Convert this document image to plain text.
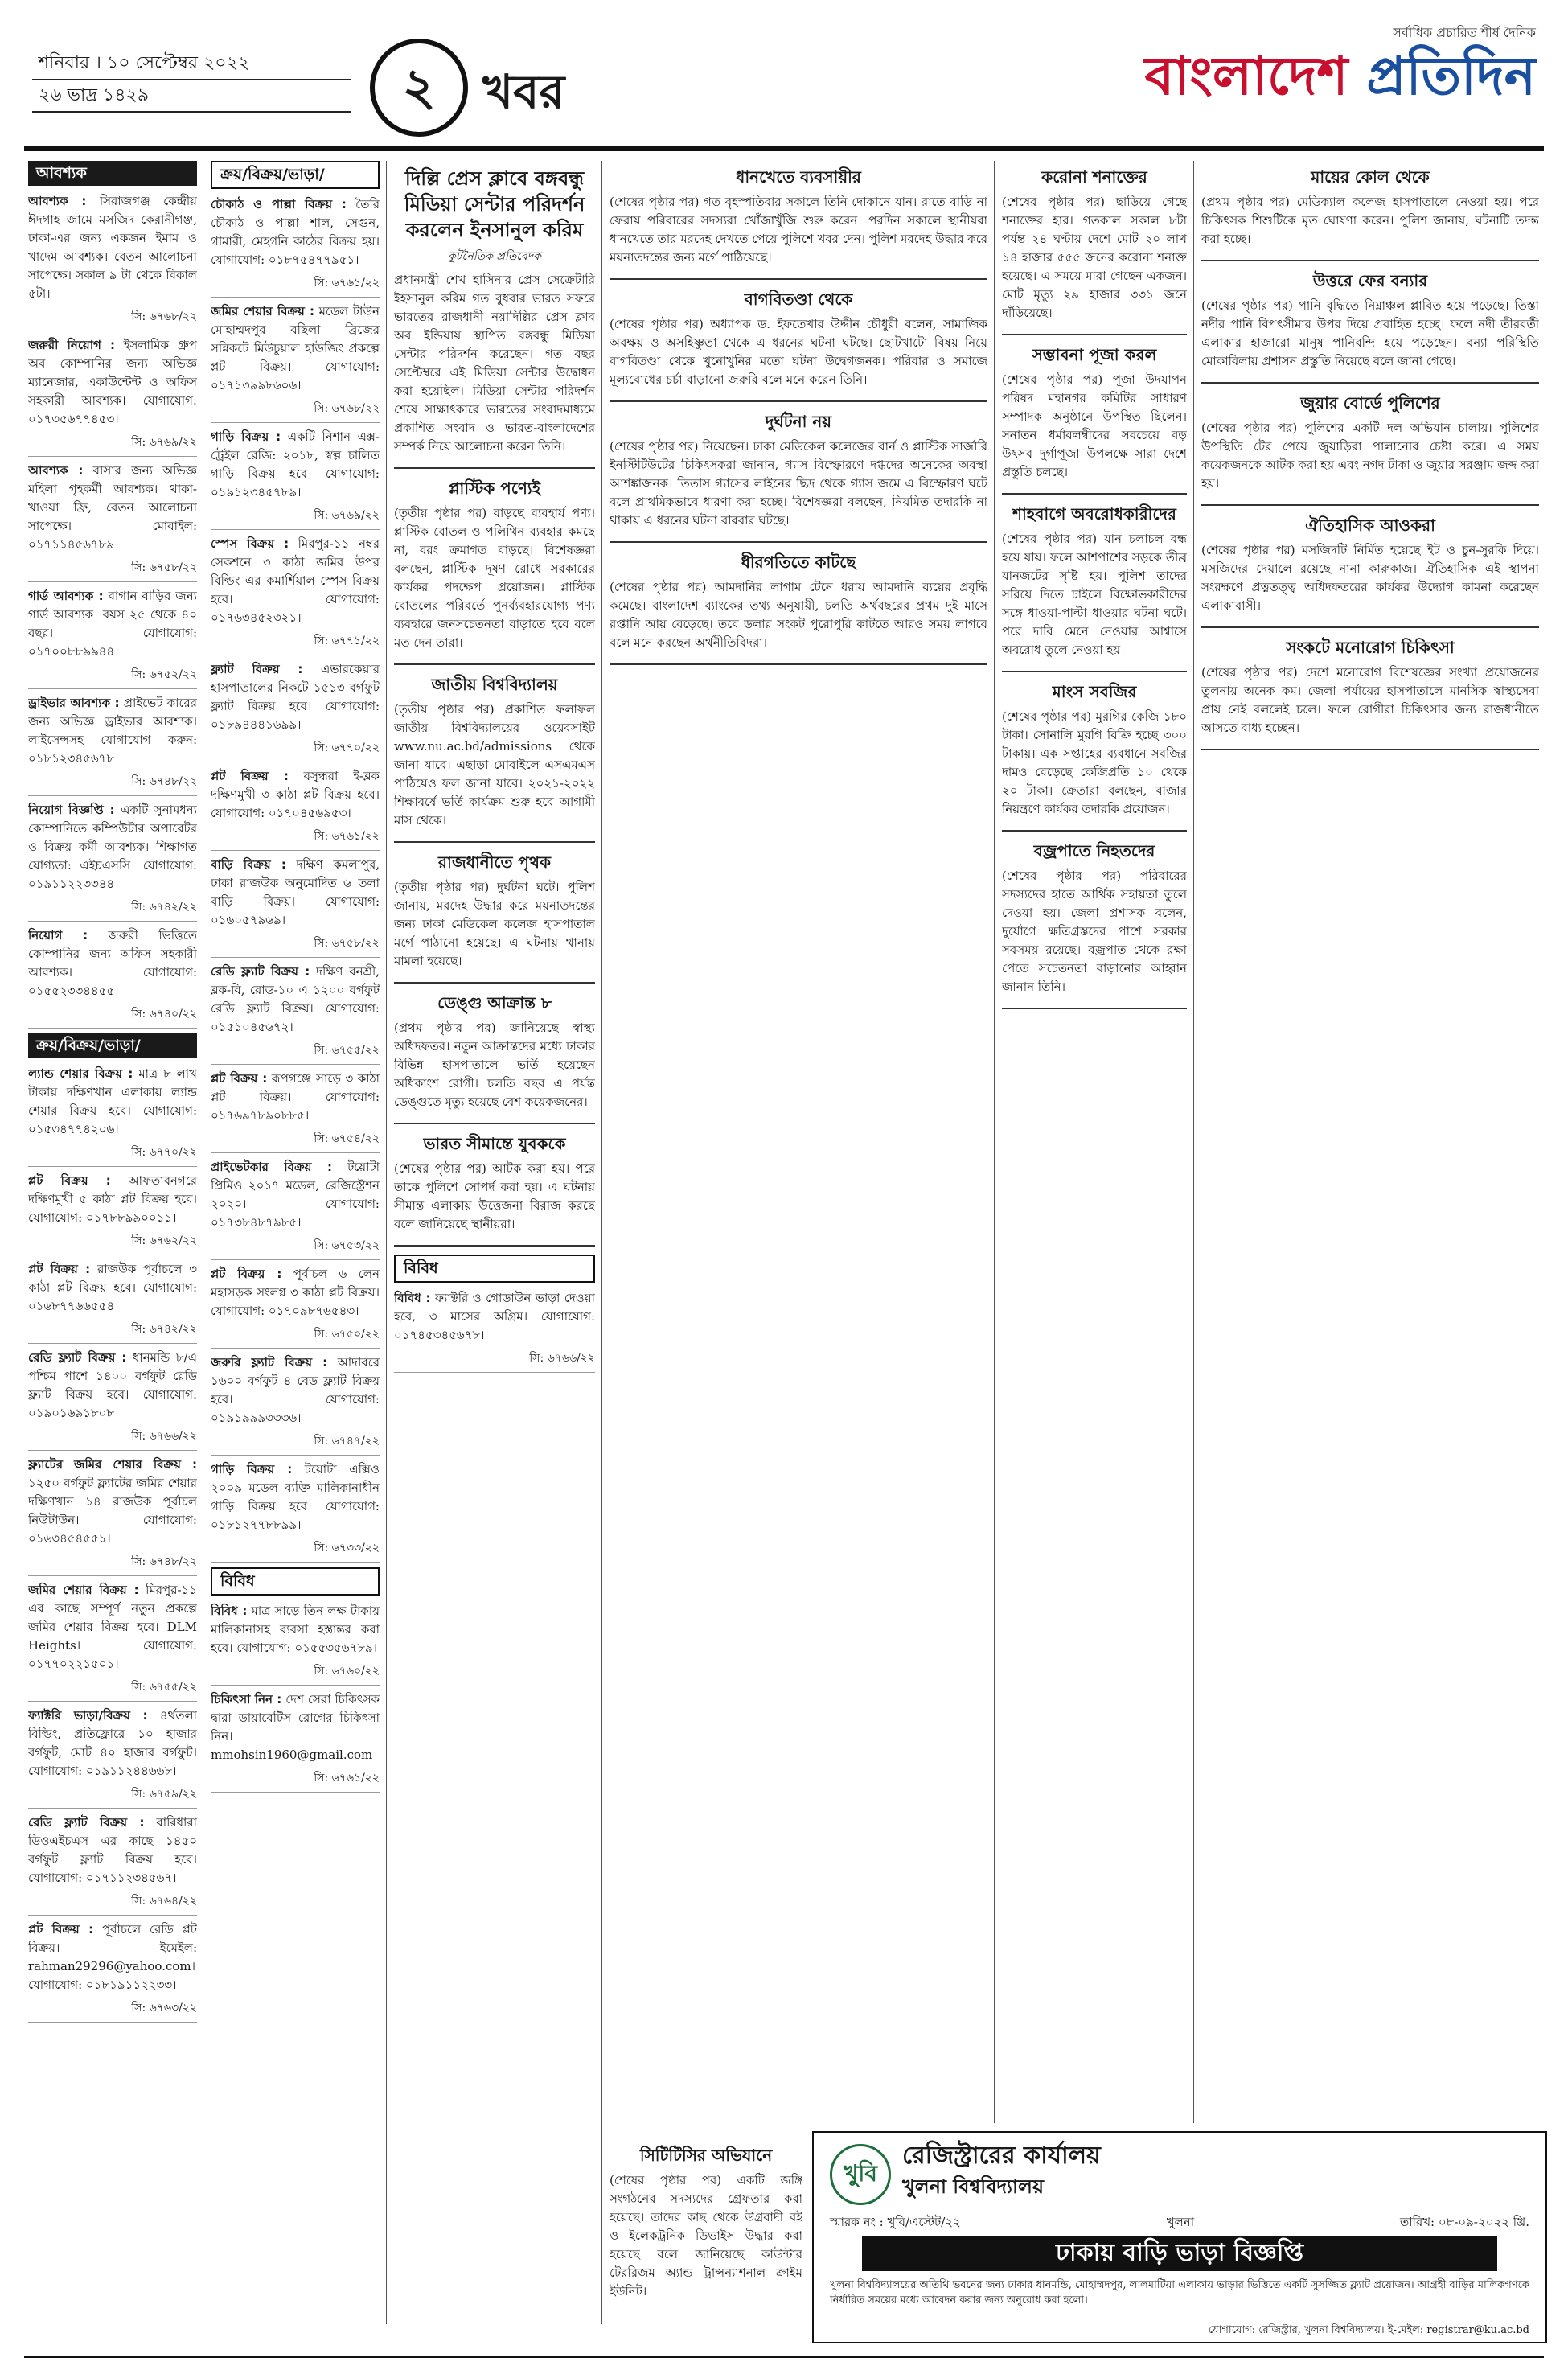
শনিবার । ১০ সেপ্টেম্বর ২০২২
২৬ ভাদ্র ১৪২৯	২	খবর
সর্বাধিক প্রচারিত শীর্ষ দৈনিক
বাংলাদেশ প্রতিদিন
আবশ্যক

আবশ্যক : সিরাজগঞ্জ কেন্দ্রীয় ঈদগাহ জামে মসজিদ কেরানীগঞ্জ, ঢাকা-এর জন্য একজন ইমাম ও খাদেম আবশ্যক। বেতন আলোচনা সাপেক্ষে। সকাল ৯ টা থেকে বিকাল ৫টা।

সি: ৬৭৬৮/২২

জরুরী নিয়োগ : ইসলামিক গ্রুপ অব কোম্পানির জন্য অভিজ্ঞ ম্যানেজার, একাউন্টেন্ট ও অফিস সহকারী আবশ্যক। যোগাযোগ: ০১৭৩৫৬৭৭৪৫৩।

সি: ৬৭৬৯/২২

আবশ্যক : বাসার জন্য অভিজ্ঞ মহিলা গৃহকর্মী আবশ্যক। থাকা-খাওয়া ফ্রি, বেতন আলোচনা সাপেক্ষে। মোবাইল: ০১৭১১৪৫৬৭৮৯।

সি: ৬৭৫৮/২২

গার্ড আবশ্যক : বাগান বাড়ির জন্য গার্ড আবশ্যক। বয়স ২৫ থেকে ৪০ বছর। যোগাযোগ: ০১৭০০৮৮৯৯৪৪।

সি: ৬৭৫২/২২

ড্রাইভার আবশ্যক : প্রাইভেট কারের জন্য অভিজ্ঞ ড্রাইভার আবশ্যক। লাইসেন্সসহ যোগাযোগ করুন: ০১৮১২৩৪৫৬৭৮।

সি: ৬৭৪৮/২২

নিয়োগ বিজ্ঞপ্তি : একটি সুনামধন্য কোম্পানিতে কম্পিউটার অপারেটর ও বিক্রয় কর্মী আবশ্যক। শিক্ষাগত যোগ্যতা: এইচএসসি। যোগাযোগ: ০১৯১১২২৩৩৪৪।

সি: ৬৭৪২/২২

নিয়োগ : জরুরী ভিত্তিতে কোম্পানির জন্য অফিস সহকারী আবশ্যক। যোগাযোগ: ০১৫৫২৩৩৪৪৫৫।

সি: ৬৭৪০/২২
ক্রয়/বিক্রয়/ভাড়া/

ল্যান্ড শেয়ার বিক্রয় : মাত্র ৮ লাখ টাকায় দক্ষিণখান এলাকায় ল্যান্ড শেয়ার বিক্রয় হবে। যোগাযোগ: ০১৫৩৪৭৭৪২০৬।

সি: ৬৭৭০/২২

প্লট বিক্রয় : আফতাবনগরে দক্ষিণমুখী ৫ কাঠা প্লট বিক্রয় হবে। যোগাযোগ: ০১৭৮৮৯৯০০১১।

সি: ৬৭৬২/২২

প্লট বিক্রয় : রাজউক পূর্বাচলে ৩ কাঠা প্লট বিক্রয় হবে। যোগাযোগ: ০১৬৮৭৭৬৬৫৫৪।

সি: ৬৭৪২/২২

রেডি ফ্ল্যাট বিক্রয় : ধানমন্ডি ৮/এ পশ্চিম পাশে ১৪০০ বর্গফুট রেডি ফ্ল্যাট বিক্রয় হবে। যোগাযোগ: ০১৯০১৬৯১৮০৮।

সি: ৬৭৬৬/২২

ফ্ল্যাটের জমির শেয়ার বিক্রয় : ১২৫০ বর্গফুট ফ্ল্যাটের জমির শেয়ার দক্ষিণখান ১৪ রাজউক পূর্বাচল নিউটাউন। যোগাযোগ: ০১৬৩৪৫৪৫৫১।

সি: ৬৭৪৮/২২

জমির শেয়ার বিক্রয় : মিরপুর-১১ এর কাছে সম্পূর্ণ নতুন প্রকল্পে জমির শেয়ার বিক্রয় হবে। DLM Heights। যোগাযোগ: ০১৭৭০২২১৫০১।

সি: ৬৭৫৫/২২

ফ্যাক্টরি ভাড়া/বিক্রয় : ৪র্থতলা বিল্ডিং, প্রতিফ্লোরে ১০ হাজার বর্গফুট, মোট ৪০ হাজার বর্গফুট। যোগাযোগ: ০১৯১১২৪৪৬৬৮।

সি: ৬৭৫৯/২২

রেডি ফ্ল্যাট বিক্রয় : বারিধারা ডিওএইচএস এর কাছে ১৪৫০ বর্গফুট ফ্ল্যাট বিক্রয় হবে। যোগাযোগ: ০১৭১১২৩৪৫৬৭।

সি: ৬৭৬৪/২২

প্লট বিক্রয় : পূর্বাচলে রেডি প্লট বিক্রয়। ইমেইল: rahman29296@yahoo.com। যোগাযোগ: ০১৮১৯১১২২৩৩।

সি: ৬৭৬৩/২২
ক্রয়/বিক্রয়/ভাড়া/

চৌকাঠ ও পাল্লা বিক্রয় : তৈরি চৌকাঠ ও পাল্লা শাল, সেগুন, গামারী, মেহগনি কাঠের বিক্রয় হয়। যোগাযোগ: ০১৮৭৫৪৭৭৯৫১।

সি: ৬৭৬১/২২

জমির শেয়ার বিক্রয় : মডেল টাউন মোহাম্মদপুর বছিলা ব্রিজের সন্নিকটে মিউচুয়াল হাউজিং প্রকল্পে প্লট বিক্রয়। যোগাযোগ: ০১৭১৩৯৯৮৬০৬।

সি: ৬৭৬৮/২২

গাড়ি বিক্রয় : একটি নিশান এক্স-ট্রেইল রেজি: ২০১৮, স্বল্প চালিত গাড়ি বিক্রয় হবে। যোগাযোগ: ০১৯১২৩৪৫৭৮৯।

সি: ৬৭৬৯/২২

স্পেস বিক্রয় : মিরপুর-১১ নম্বর সেকশনে ৩ কাঠা জমির উপর বিল্ডিং এর কমার্শিয়াল স্পেস বিক্রয় হবে। যোগাযোগ: ০১৭৬৩৪৫২৩২১।

সি: ৬৭৭১/২২

ফ্ল্যাট বিক্রয় : এভারকেয়ার হাসপাতালের নিকটে ১৫১৩ বর্গফুট ফ্ল্যাট বিক্রয় হবে। যোগাযোগ: ০১৮৯৪৪৪১৬৯৯।

সি: ৬৭৭০/২২

প্লট বিক্রয় : বসুন্ধরা ই-ব্লক দক্ষিণমুখী ৩ কাঠা প্লট বিক্রয় হবে। যোগাযোগ: ০১৭০৪৫৬৯৫৩।

সি: ৬৭৬১/২২

বাড়ি বিক্রয় : দক্ষিণ কমলাপুর, ঢাকা রাজউক অনুমোদিত ৬ তলা বাড়ি বিক্রয়। যোগাযোগ: ০১৬০৫৭৯৬৯।

সি: ৬৭৫৮/২২

রেডি ফ্ল্যাট বিক্রয় : দক্ষিণ বনশ্রী, ব্লক-বি, রোড-১০ এ ১২০০ বর্গফুট রেডি ফ্ল্যাট বিক্রয়। যোগাযোগ: ০১৫১০৪৫৬৭২।

সি: ৬৭৫৫/২২

প্লট বিক্রয় : রূপগঞ্জে সাড়ে ৩ কাঠা প্লট বিক্রয়। যোগাযোগ: ০১৭৬৯৭৮৯০৮৮৫।

সি: ৬৭৫৪/২২

প্রাইভেটকার বিক্রয় : টয়োটা প্রিমিও ২০১৭ মডেল, রেজিস্ট্রেশন ২০২০। যোগাযোগ: ০১৭৩৮৪৮৭৯৮৫।

সি: ৬৭৫৩/২২

প্লট বিক্রয় : পূর্বাচল ৬ লেন মহাসড়ক সংলগ্ন ৩ কাঠা প্লট বিক্রয়। যোগাযোগ: ০১৭০৯৮৭৬৫৪৩।

সি: ৬৭৫০/২২

জরুরি ফ্ল্যাট বিক্রয় : আদাবরে ১৬০০ বর্গফুট ৪ বেড ফ্ল্যাট বিক্রয় হবে। যোগাযোগ: ০১৯১৯৯৯৩৩৩৬।

সি: ৬৭৪৭/২২

গাড়ি বিক্রয় : টয়োটা এক্সিও ২০০৯ মডেল ব্যক্তি মালিকানাধীন গাড়ি বিক্রয় হবে। যোগাযোগ: ০১৮১২৭৭৮৮৯৯।

সি: ৬৭৩৩/২২
বিবিধ

বিবিধ : মাত্র সাড়ে তিন লক্ষ টাকায় মালিকানাসহ ব্যবসা হস্তান্তর করা হবে। যোগাযোগ: ০১৫৫৩৫৬৭৮৯।

সি: ৬৭৬০/২২

চিকিৎসা নিন : দেশ সেরা চিকিৎসক দ্বারা ডায়াবেটিস রোগের চিকিৎসা নিন। mmohsin1960@gmail.com

সি: ৬৭৬১/২২
দিল্লি প্রেস ক্লাবে বঙ্গবন্ধু মিডিয়া সেন্টার পরিদর্শন করলেন ইনসানুল করিম
কূটনৈতিক প্রতিবেদক

প্রধানমন্ত্রী শেখ হাসিনার প্রেস সেক্রেটারি ইহসানুল করিম গত বুধবার ভারত সফরে ভারতের রাজধানী নয়াদিল্লির প্রেস ক্লাব অব ইন্ডিয়ায় স্থাপিত বঙ্গবন্ধু মিডিয়া সেন্টার পরিদর্শন করেছেন। গত বছর সেপ্টেম্বরে এই মিডিয়া সেন্টার উদ্বোধন করা হয়েছিল। মিডিয়া সেন্টার পরিদর্শন শেষে সাক্ষাৎকারে ভারতের সংবাদমাধ্যমে প্রকাশিত সংবাদ ও ভারত-বাংলাদেশের সম্পর্ক নিয়ে আলোচনা করেন তিনি।

প্লাস্টিক পণ্যেই

(তৃতীয় পৃষ্ঠার পর) বাড়ছে ব্যবহার্য পণ্য। প্লাস্টিক বোতল ও পলিথিন ব্যবহার কমছে না, বরং ক্রমাগত বাড়ছে। বিশেষজ্ঞরা বলছেন, প্লাস্টিক দূষণ রোধে সরকারের কার্যকর পদক্ষেপ প্রয়োজন। প্লাস্টিক বোতলের পরিবর্তে পুনর্ব্যবহারযোগ্য পণ্য ব্যবহারে জনসচেতনতা বাড়াতে হবে বলে মত দেন তারা।

জাতীয় বিশ্ববিদ্যালয়

(তৃতীয় পৃষ্ঠার পর) প্রকাশিত ফলাফল জাতীয় বিশ্ববিদ্যালয়ের ওয়েবসাইট www.nu.ac.bd/admissions থেকে জানা যাবে। এছাড়া মোবাইলে এসএমএস পাঠিয়েও ফল জানা যাবে। ২০২১-২০২২ শিক্ষাবর্ষে ভর্তি কার্যক্রম শুরু হবে আগামী মাস থেকে।

রাজধানীতে পৃথক

(তৃতীয় পৃষ্ঠার পর) দুর্ঘটনা ঘটে। পুলিশ জানায়, মরদেহ উদ্ধার করে ময়নাতদন্তের জন্য ঢাকা মেডিকেল কলেজ হাসপাতাল মর্গে পাঠানো হয়েছে। এ ঘটনায় থানায় মামলা হয়েছে।

ডেঙ্গু আক্রান্ত ৮

(প্রথম পৃষ্ঠার পর) জানিয়েছে স্বাস্থ্য অধিদফতর। নতুন আক্রান্তদের মধ্যে ঢাকার বিভিন্ন হাসপাতালে ভর্তি হয়েছেন অধিকাংশ রোগী। চলতি বছর এ পর্যন্ত ডেঙ্গুতে মৃত্যু হয়েছে বেশ কয়েকজনের।

ভারত সীমান্তে যুবককে

(শেষের পৃষ্ঠার পর) আটক করা হয়। পরে তাকে পুলিশে সোপর্দ করা হয়। এ ঘটনায় সীমান্ত এলাকায় উত্তেজনা বিরাজ করছে বলে জানিয়েছে স্থানীয়রা।

বিবিধ

বিবিধ : ফ্যাক্টরি ও গোডাউন ভাড়া দেওয়া হবে, ৩ মাসের অগ্রিম। যোগাযোগ: ০১৭৪৫৩৪৫৬৭৮।

সি: ৬৭৬৬/২২
ধানখেতে ব্যবসায়ীর

(শেষের পৃষ্ঠার পর) গত বৃহস্পতিবার সকালে তিনি দোকানে যান। রাতে বাড়ি না ফেরায় পরিবারের সদস্যরা খোঁজাখুঁজি শুরু করেন। পরদিন সকালে স্থানীয়রা ধানখেতে তার মরদেহ দেখতে পেয়ে পুলিশে খবর দেন। পুলিশ মরদেহ উদ্ধার করে ময়নাতদন্তের জন্য মর্গে পাঠিয়েছে।

বাগবিতণ্ডা থেকে

(শেষের পৃষ্ঠার পর) অধ্যাপক ড. ইফতেখার উদ্দীন চৌধুরী বলেন, সামাজিক অবক্ষয় ও অসহিষ্ণুতা থেকে এ ধরনের ঘটনা ঘটছে। ছোটখাটো বিষয় নিয়ে বাগবিতণ্ডা থেকে খুনোখুনির মতো ঘটনা উদ্বেগজনক। পরিবার ও সমাজে মূল্যবোধের চর্চা বাড়ানো জরুরি বলে মনে করেন তিনি।

দুর্ঘটনা নয়

(শেষের পৃষ্ঠার পর) নিয়েছেন। ঢাকা মেডিকেল কলেজের বার্ন ও প্লাস্টিক সার্জারি ইনস্টিটিউটের চিকিৎসকরা জানান, গ্যাস বিস্ফোরণে দগ্ধদের অনেকের অবস্থা আশঙ্কাজনক। তিতাস গ্যাসের লাইনের ছিদ্র থেকে গ্যাস জমে এ বিস্ফোরণ ঘটে বলে প্রাথমিকভাবে ধারণা করা হচ্ছে। বিশেষজ্ঞরা বলছেন, নিয়মিত তদারকি না থাকায় এ ধরনের ঘটনা বারবার ঘটছে।

ধীরগতিতে কাটছে

(শেষের পৃষ্ঠার পর) আমদানির লাগাম টেনে ধরায় আমদানি ব্যয়ের প্রবৃদ্ধি কমেছে। বাংলাদেশ ব্যাংকের তথ্য অনুযায়ী, চলতি অর্থবছরের প্রথম দুই মাসে রপ্তানি আয় বেড়েছে। তবে ডলার সংকট পুরোপুরি কাটতে আরও সময় লাগবে বলে মনে করছেন অর্থনীতিবিদরা।

সিটিটিসির অভিযানে

(শেষের পৃষ্ঠার পর) একটি জঙ্গি সংগঠনের সদস্যদের গ্রেফতার করা হয়েছে। তাদের কাছ থেকে উগ্রবাদী বই ও ইলেকট্রনিক ডিভাইস উদ্ধার করা হয়েছে বলে জানিয়েছে কাউন্টার টেররিজম অ্যান্ড ট্রান্সন্যাশনাল ক্রাইম ইউনিট।

করোনা শনাক্তের

(শেষের পৃষ্ঠার পর) ছাড়িয়ে গেছে শনাক্তের হার। গতকাল সকাল ৮টা পর্যন্ত ২৪ ঘণ্টায় দেশে মোট ২০ লাখ ১৪ হাজার ৫৫৫ জনের করোনা শনাক্ত হয়েছে। এ সময়ে মারা গেছেন একজন। মোট মৃত্যু ২৯ হাজার ৩৩১ জনে দাঁড়িয়েছে।

সম্ভাবনা পূজা করল

(শেষের পৃষ্ঠার পর) পূজা উদযাপন পরিষদ মহানগর কমিটির সাধারণ সম্পাদক অনুষ্ঠানে উপস্থিত ছিলেন। সনাতন ধর্মাবলম্বীদের সবচেয়ে বড় উৎসব দুর্গাপূজা উপলক্ষে সারা দেশে প্রস্তুতি চলছে।

শাহবাগে অবরোধকারীদের

(শেষের পৃষ্ঠার পর) যান চলাচল বন্ধ হয়ে যায়। ফলে আশপাশের সড়কে তীব্র যানজটের সৃষ্টি হয়। পুলিশ তাদের সরিয়ে দিতে চাইলে বিক্ষোভকারীদের সঙ্গে ধাওয়া-পাল্টা ধাওয়ার ঘটনা ঘটে। পরে দাবি মেনে নেওয়ার আশ্বাসে অবরোধ তুলে নেওয়া হয়।

মাংস সবজির

(শেষের পৃষ্ঠার পর) মুরগির কেজি ১৮০ টাকা। সোনালি মুরগি বিক্রি হচ্ছে ৩০০ টাকায়। এক সপ্তাহের ব্যবধানে সবজির দামও বেড়েছে কেজিপ্রতি ১০ থেকে ২০ টাকা। ক্রেতারা বলছেন, বাজার নিয়ন্ত্রণে কার্যকর তদারকি প্রয়োজন।

বজ্রপাতে নিহতদের

(শেষের পৃষ্ঠার পর) পরিবারের সদস্যদের হাতে আর্থিক সহায়তা তুলে দেওয়া হয়। জেলা প্রশাসক বলেন, দুর্যোগে ক্ষতিগ্রস্তদের পাশে সরকার সবসময় রয়েছে। বজ্রপাত থেকে রক্ষা পেতে সচেতনতা বাড়ানোর আহ্বান জানান তিনি।

মায়ের কোল থেকে

(প্রথম পৃষ্ঠার পর) মেডিক্যাল কলেজ হাসপাতালে নেওয়া হয়। পরে চিকিৎসক শিশুটিকে মৃত ঘোষণা করেন। পুলিশ জানায়, ঘটনাটি তদন্ত করা হচ্ছে।

উত্তরে ফের বন্যার

(শেষের পৃষ্ঠার পর) পানি বৃদ্ধিতে নিম্নাঞ্চল প্লাবিত হয়ে পড়েছে। তিস্তা নদীর পানি বিপৎসীমার উপর দিয়ে প্রবাহিত হচ্ছে। ফলে নদী তীরবর্তী এলাকার হাজারো মানুষ পানিবন্দি হয়ে পড়েছেন। বন্যা পরিস্থিতি মোকাবিলায় প্রশাসন প্রস্তুতি নিয়েছে বলে জানা গেছে।

জুয়ার বোর্ডে পুলিশের

(শেষের পৃষ্ঠার পর) পুলিশের একটি দল অভিযান চালায়। পুলিশের উপস্থিতি টের পেয়ে জুয়াড়িরা পালানোর চেষ্টা করে। এ সময় কয়েকজনকে আটক করা হয় এবং নগদ টাকা ও জুয়ার সরঞ্জাম জব্দ করা হয়।

ঐতিহাসিক আওকরা

(শেষের পৃষ্ঠার পর) মসজিদটি নির্মিত হয়েছে ইট ও চুন-সুরকি দিয়ে। মসজিদের দেয়ালে রয়েছে নানা কারুকাজ। ঐতিহাসিক এই স্থাপনা সংরক্ষণে প্রত্নতত্ত্ব অধিদফতরের কার্যকর উদ্যোগ কামনা করেছেন এলাকাবাসী।

সংকটে মনোরোগ চিকিৎসা

(শেষের পৃষ্ঠার পর) দেশে মনোরোগ বিশেষজ্ঞের সংখ্যা প্রয়োজনের তুলনায় অনেক কম। জেলা পর্যায়ের হাসপাতালে মানসিক স্বাস্থ্যসেবা প্রায় নেই বললেই চলে। ফলে রোগীরা চিকিৎসার জন্য রাজধানীতে আসতে বাধ্য হচ্ছেন।

খুবি
রেজিস্ট্রারের কার্যালয়
খুলনা বিশ্ববিদ্যালয়
স্মারক নং : খুবি/এস্টেট/২২	খুলনা	তারিখ: ০৮-০৯-২০২২ খ্রি.
ঢাকায় বাড়ি ভাড়া বিজ্ঞপ্তি
খুলনা বিশ্ববিদ্যালয়ের অতিথি ভবনের জন্য ঢাকার ধানমন্ডি, মোহাম্মদপুর, লালমাটিয়া এলাকায় ভাড়ার ভিত্তিতে একটি সুসজ্জিত ফ্ল্যাট প্রয়োজন। আগ্রহী বাড়ির মালিকগণকে নির্ধারিত সময়ের মধ্যে আবেদন করার জন্য অনুরোধ করা হলো।
যোগাযোগ: রেজিস্ট্রার, খুলনা বিশ্ববিদ্যালয়। ই-মেইল: registrar@ku.ac.bd
